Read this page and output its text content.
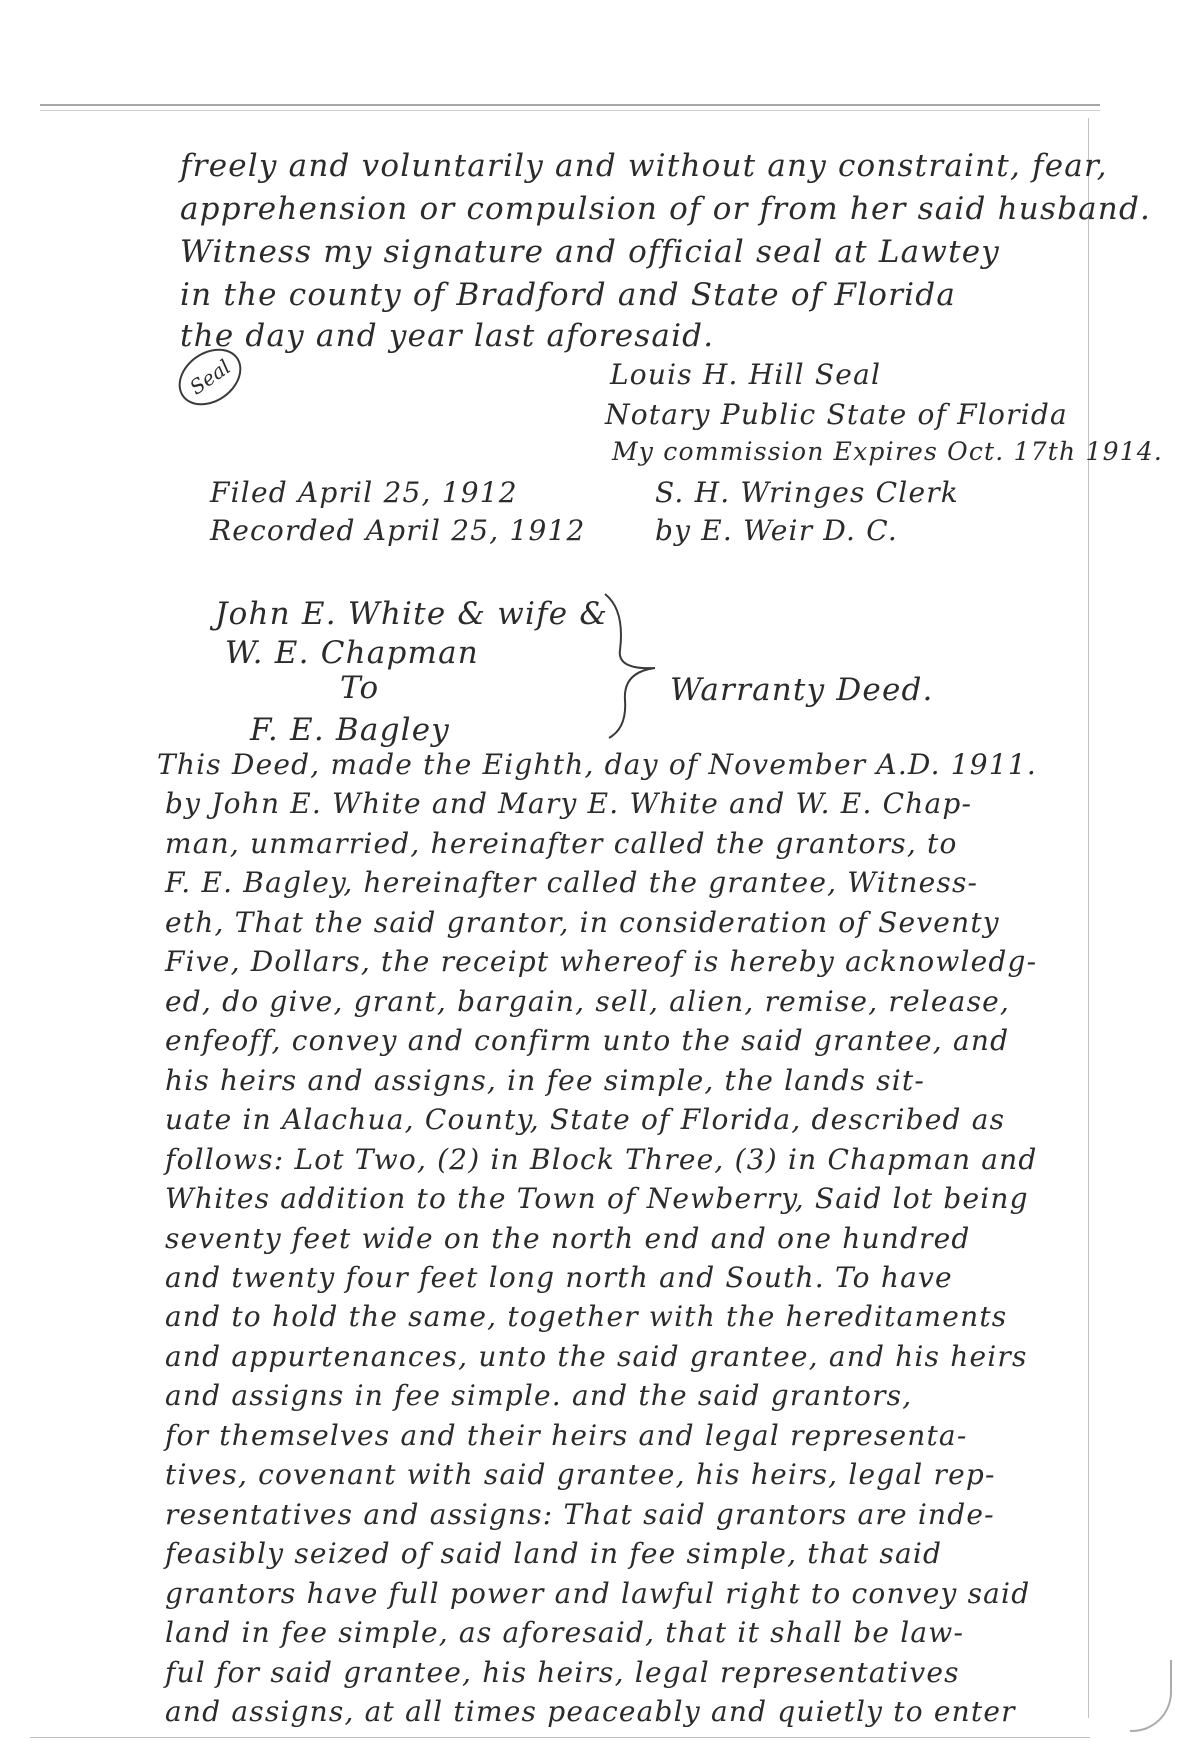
freely and voluntarily and without any constraint, fear,
apprehension or compulsion of or from her said husband.
Witness my signature and official seal at Lawtey
in the county of Bradford and State of Florida
the day and year last aforesaid.
Seal	Louis H. Hill Seal
Notary Public State of Florida
My commission Expires Oct. 17th 1914.
Filed April 25, 1912
Recorded April 25, 1912
S. H. Wringes Clerk
by E. Weir D. C.
John E. White & wife &
W. E. Chapman
To
F. E. Bagley
Warranty Deed.
This Deed, made the Eighth, day of November A.D. 1911.
by John E. White and Mary E. White and W. E. Chap-
man, unmarried, hereinafter called the grantors, to
F. E. Bagley, hereinafter called the grantee, Witness-
eth, That the said grantor, in consideration of Seventy
Five, Dollars, the receipt whereof is hereby acknowledg-
ed, do give, grant, bargain, sell, alien, remise, release,
enfeoff, convey and confirm unto the said grantee, and
his heirs and assigns, in fee simple, the lands sit-
uate in Alachua, County, State of Florida, described as
follows: Lot Two, (2) in Block Three, (3) in Chapman and
Whites addition to the Town of Newberry, Said lot being
seventy feet wide on the north end and one hundred
and twenty four feet long north and South. To have
and to hold the same, together with the hereditaments
and appurtenances, unto the said grantee, and his heirs
and assigns in fee simple. and the said grantors,
for themselves and their heirs and legal representa-
tives, covenant with said grantee, his heirs, legal rep-
resentatives and assigns: That said grantors are inde-
feasibly seized of said land in fee simple, that said
grantors have full power and lawful right to convey said
land in fee simple, as aforesaid, that it shall be law-
ful for said grantee, his heirs, legal representatives
and assigns, at all times peaceably and quietly to enter
